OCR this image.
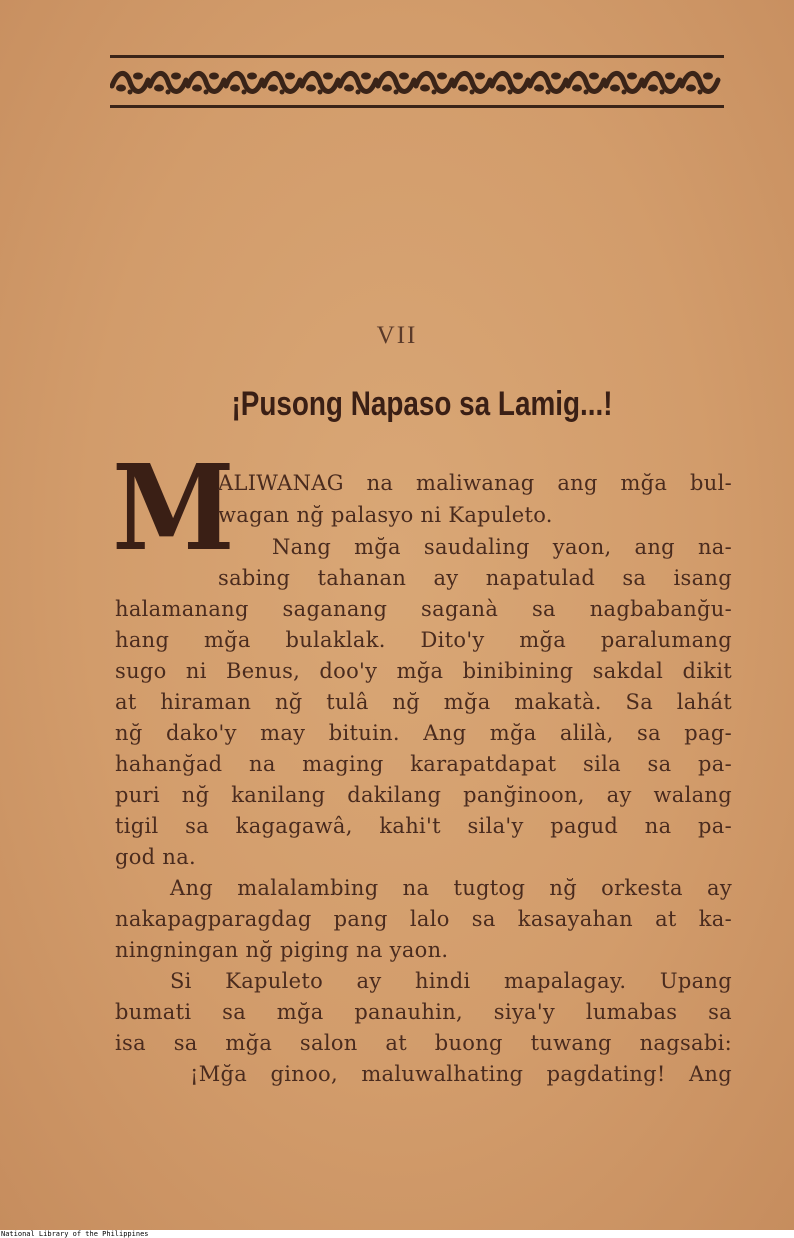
VII
¡Pusong Napaso sa Lamig...!
M
ALIWANAG na maliwanag ang mğa bul-
wagan nğ palasyo ni Kapuleto.
Nang mğa saudaling yaon, ang na-
sabing tahanan ay napatulad sa isang
halamanang saganang saganà sa nagbabanğu-
hang mğa bulaklak. Dito'y mğa paralumang
sugo ni Benus, doo'y mğa binibining sakdal dikit
at hiraman nğ tulâ nğ mğa makatà. Sa lahát
nğ dako'y may bituin. Ang mğa alilà, sa pag-
hahanğad na maging karapatdapat sila sa pa-
puri nğ kanilang dakilang panğinoon, ay walang
tigil sa kagagawâ, kahi't sila'y pagud na pa-
god na.
Ang malalambing na tugtog nğ orkesta ay
nakapagparagdag pang lalo sa kasayahan at ka-
ningningan nğ piging na yaon.
Si Kapuleto ay hindi mapalagay. Upang
bumati sa mğa panauhin, siya'y lumabas sa
isa sa mğa salon at buong tuwang nagsabi:
¡Mğa ginoo, maluwalhating pagdating! Ang
National Library of the Philippines
